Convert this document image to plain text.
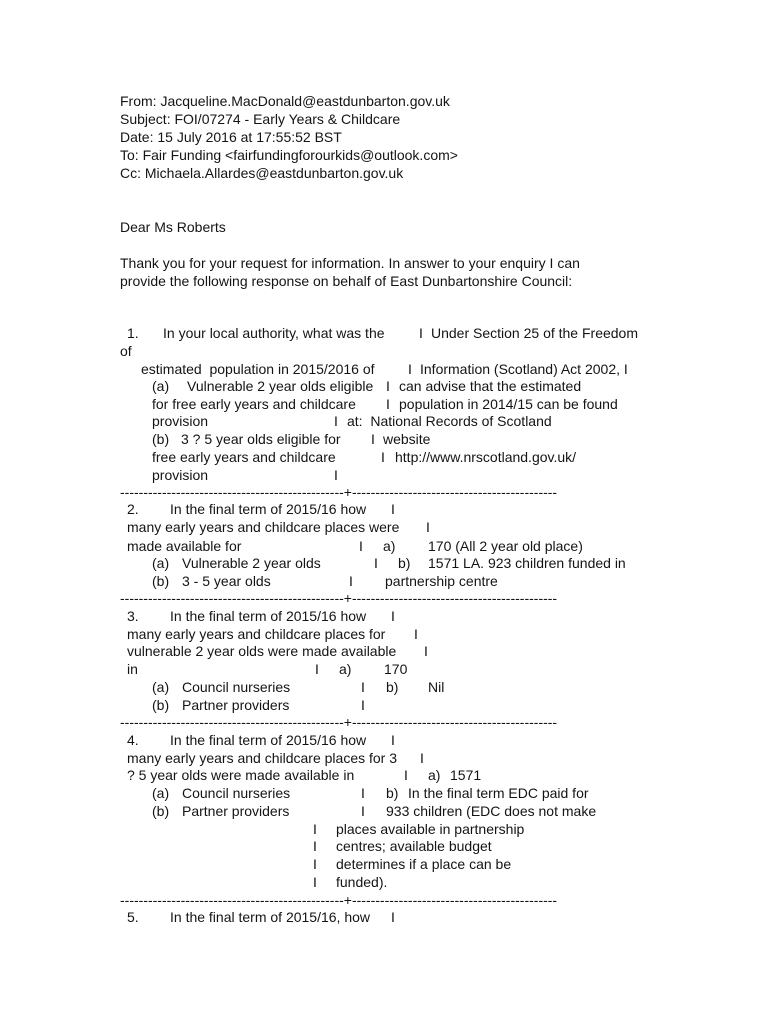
From: Jacqueline.MacDonald@eastdunbarton.gov.uk
Subject: FOI/07274 - Early Years & Childcare
Date: 15 July 2016 at 17:55:52 BST
To: Fair Funding <fairfundingforourkids@outlook.com>
Cc: Michaela.Allardes@eastdunbarton.gov.uk
Dear Ms Roberts
Thank you for your request for information. In answer to your enquiry I can
provide the following response on behalf of East Dunbartonshire Council:
1. In your local authority, what was the I Under Section 25 of the Freedom
of
estimated  population in 2015/2016 of I Information (Scotland) Act 2002, I
(a) Vulnerable 2 year olds eligible I can advise that the estimated
for free early years and childcare I population in 2014/15 can be found
provision	I at:  National Records of Scotland
(b) 3 ? 5 year olds eligible for I website
free early years and childcare	I http://www.nrscotland.gov.uk/
provision	I
------------------------------------------------+--------------------------------------------
2. In the final term of 2015/16 how I
many early years and childcare places were I
made available for	I a) 170 (All 2 year old place)
(a) Vulnerable 2 year olds	I b) 1571 LA. 923 children funded in
(b) 3 - 5 year olds	I partnership centre
------------------------------------------------+--------------------------------------------
3. In the final term of 2015/16 how I
many early years and childcare places for I
vulnerable 2 year olds were made available I
in	I a) 170
(a) Council nurseries	I b) Nil
(b) Partner providers	I
------------------------------------------------+--------------------------------------------
4. In the final term of 2015/16 how I
many early years and childcare places for 3 I
? 5 year olds were made available in	I a) 1571
(a) Council nurseries	I b) In the final term EDC paid for
(b) Partner providers	I 933 children (EDC does not make
I places available in partnership
I centres; available budget
I determines if a place can be
I funded).
------------------------------------------------+--------------------------------------------
5. In the final term of 2015/16, how I
